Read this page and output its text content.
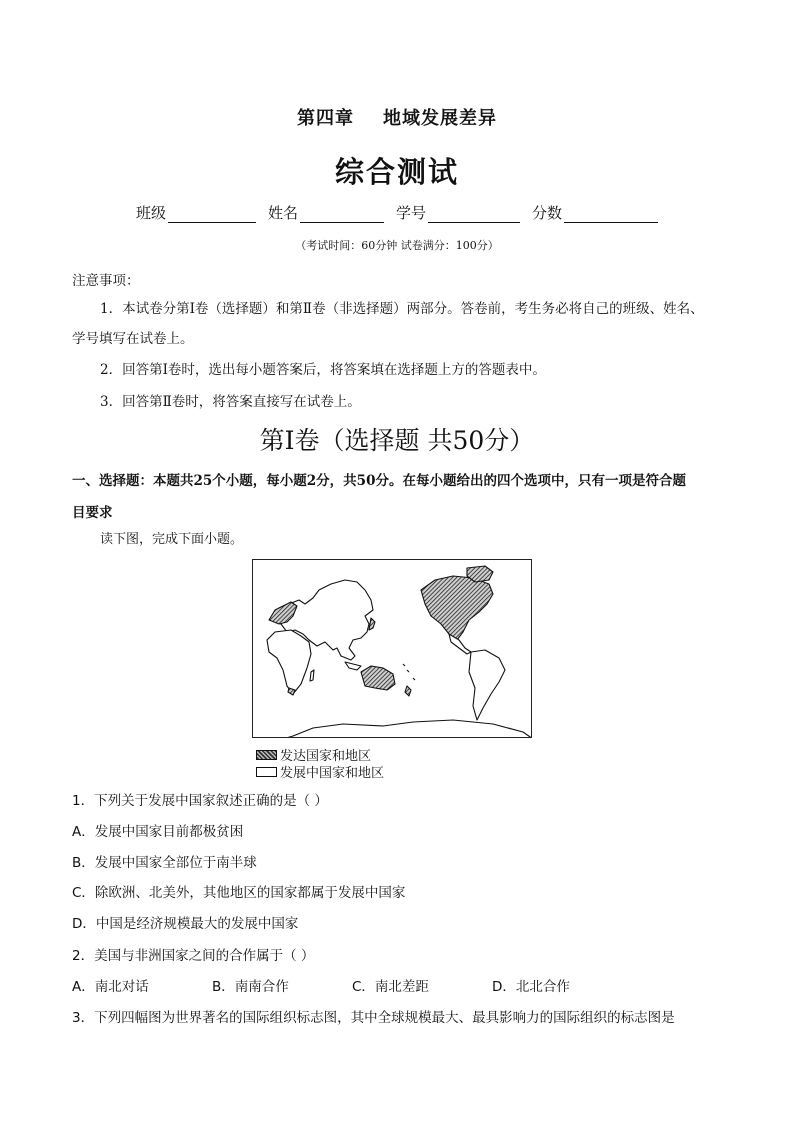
第四章 地域发展差异
综合测试
班级	姓名	学号	分数
（考试时间：60分钟 试卷满分：100分）
注意事项：
1．本试卷分第Ⅰ卷（选择题）和第Ⅱ卷（非选择题）两部分。答卷前，考生务必将自己的班级、姓名、
学号填写在试卷上。
2．回答第Ⅰ卷时，选出每小题答案后，将答案填在选择题上方的答题表中。
3．回答第Ⅱ卷时，将答案直接写在试卷上。
第Ⅰ卷（选择题 共50分）
一、选择题：本题共25个小题，每小题2分，共50分。在每小题给出的四个选项中，只有一项是符合题
目要求
读下图，完成下面小题。
发达国家和地区
发展中国家和地区
1．下列关于发展中国家叙述正确的是（ ）
A．发展中国家目前都极贫困
B．发展中国家全部位于南半球
C．除欧洲、北美外，其他地区的国家都属于发展中国家
D．中国是经济规模最大的发展中国家
2．美国与非洲国家之间的合作属于（ ）
A．南北对话	B．南南合作	C．南北差距	D．北北合作
3．下列四幅图为世界著名的国际组织标志图，其中全球规模最大、最具影响力的国际组织的标志图是
